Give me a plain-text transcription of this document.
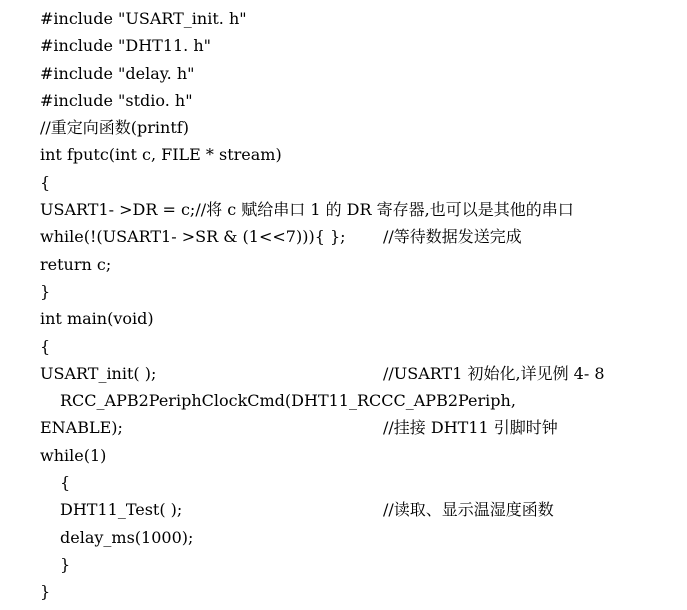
#include "USART_init. h"
#include "DHT11. h"
#include "delay. h"
#include "stdio. h"
//重定向函数(printf)
int fputc(int c, FILE * stream)
{
USART1- >DR = c;//将 c 赋给串口 1 的 DR 寄存器,也可以是其他的串口
while(!(USART1- >SR & (1<<7))){ }; //等待数据发送完成
return c;
}
int main(void)
{
USART_init( );	//USART1 初始化,详见例 4- 8
RCC_APB2PeriphClockCmd(DHT11_RCCC_APB2Periph,
ENABLE);	//挂接 DHT11 引脚时钟
while(1)
{
DHT11_Test( );	//读取、显示温湿度函数
delay_ms(1000);
}
}
